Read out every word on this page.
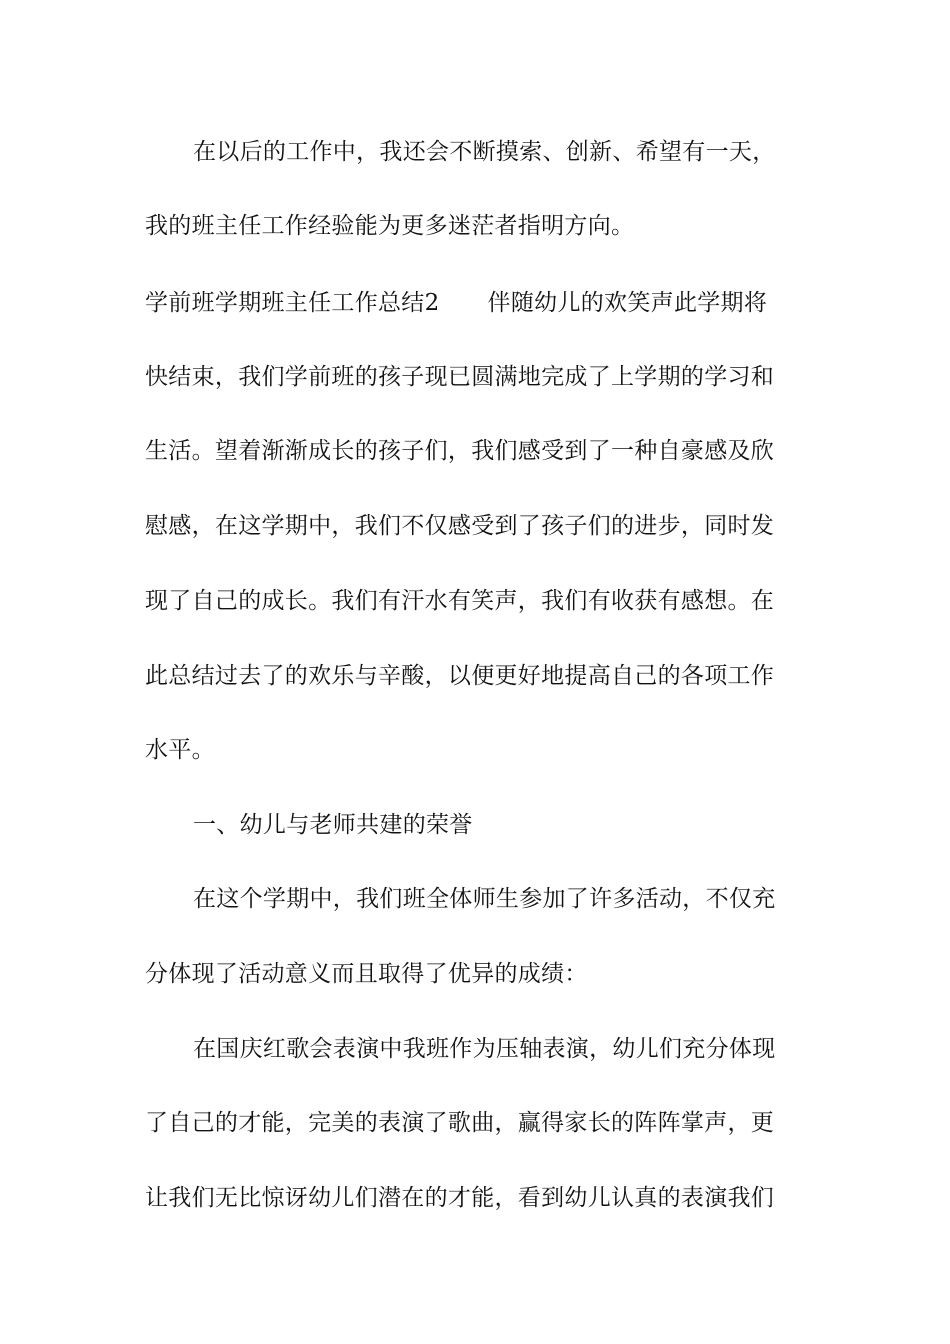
在以后的工作中，我还会不断摸索、创新、希望有一天，
我的班主任工作经验能为更多迷茫者指明方向。
学前班学期班主任工作总结2 伴随幼儿的欢笑声此学期将
快结束，我们学前班的孩子现已圆满地完成了上学期的学习和
生活。望着渐渐成长的孩子们，我们感受到了一种自豪感及欣
慰感，在这学期中，我们不仅感受到了孩子们的进步，同时发
现了自己的成长。我们有汗水有笑声，我们有收获有感想。在
此总结过去了的欢乐与辛酸，以便更好地提高自己的各项工作
水平。
一、幼儿与老师共建的荣誉
在这个学期中，我们班全体师生参加了许多活动，不仅充
分体现了活动意义而且取得了优异的成绩：
在国庆红歌会表演中我班作为压轴表演，幼儿们充分体现
了自己的才能，完美的表演了歌曲，赢得家长的阵阵掌声，更
让我们无比惊讶幼儿们潜在的才能，看到幼儿认真的表演我们
